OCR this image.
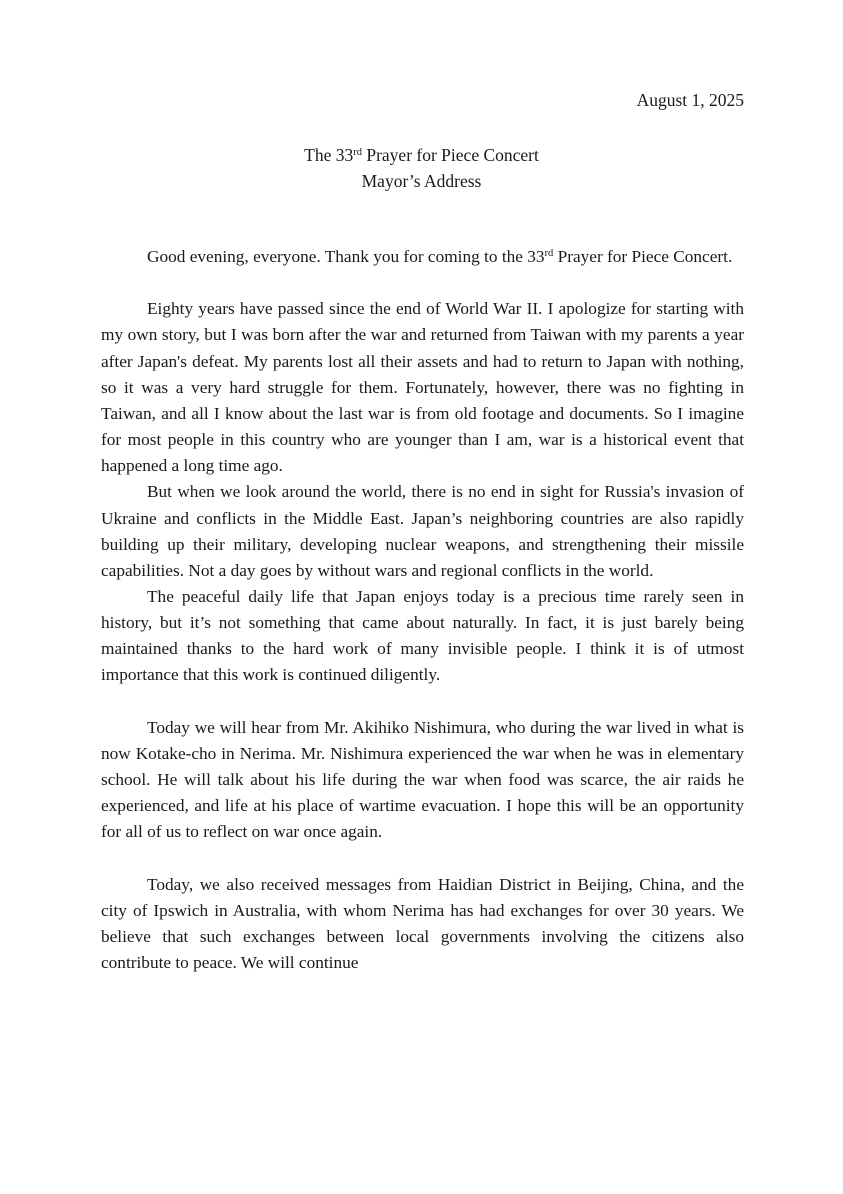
August 1, 2025
The 33rd Prayer for Piece Concert
Mayor’s Address

Good evening, everyone. Thank you for coming to the 33rd Prayer for Piece Concert.

Eighty years have passed since the end of World War II. I apologize for starting with my own story, but I was born after the war and returned from Taiwan with my parents a year after Japan's defeat. My parents lost all their assets and had to return to Japan with nothing, so it was a very hard struggle for them. Fortunately, however, there was no fighting in Taiwan, and all I know about the last war is from old footage and documents. So I imagine for most people in this country who are younger than I am, war is a historical event that happened a long time ago.

But when we look around the world, there is no end in sight for Russia's invasion of Ukraine and conflicts in the Middle East. Japan’s neighboring countries are also rapidly building up their military, developing nuclear weapons, and strengthening their missile capabilities. Not a day goes by without wars and regional conflicts in the world.

The peaceful daily life that Japan enjoys today is a precious time rarely seen in history, but it’s not something that came about naturally. In fact, it is just barely being maintained thanks to the hard work of many invisible people. I think it is of utmost importance that this work is continued diligently.

Today we will hear from Mr. Akihiko Nishimura, who during the war lived in what is now Kotake-cho in Nerima. Mr. Nishimura experienced the war when he was in elementary school. He will talk about his life during the war when food was scarce, the air raids he experienced, and life at his place of wartime evacuation. I hope this will be an opportunity for all of us to reflect on war once again.

Today, we also received messages from Haidian District in Beijing, China, and the city of Ipswich in Australia, with whom Nerima has had exchanges for over 30 years. We believe that such exchanges between local governments involving the citizens also contribute to peace. We will continue
